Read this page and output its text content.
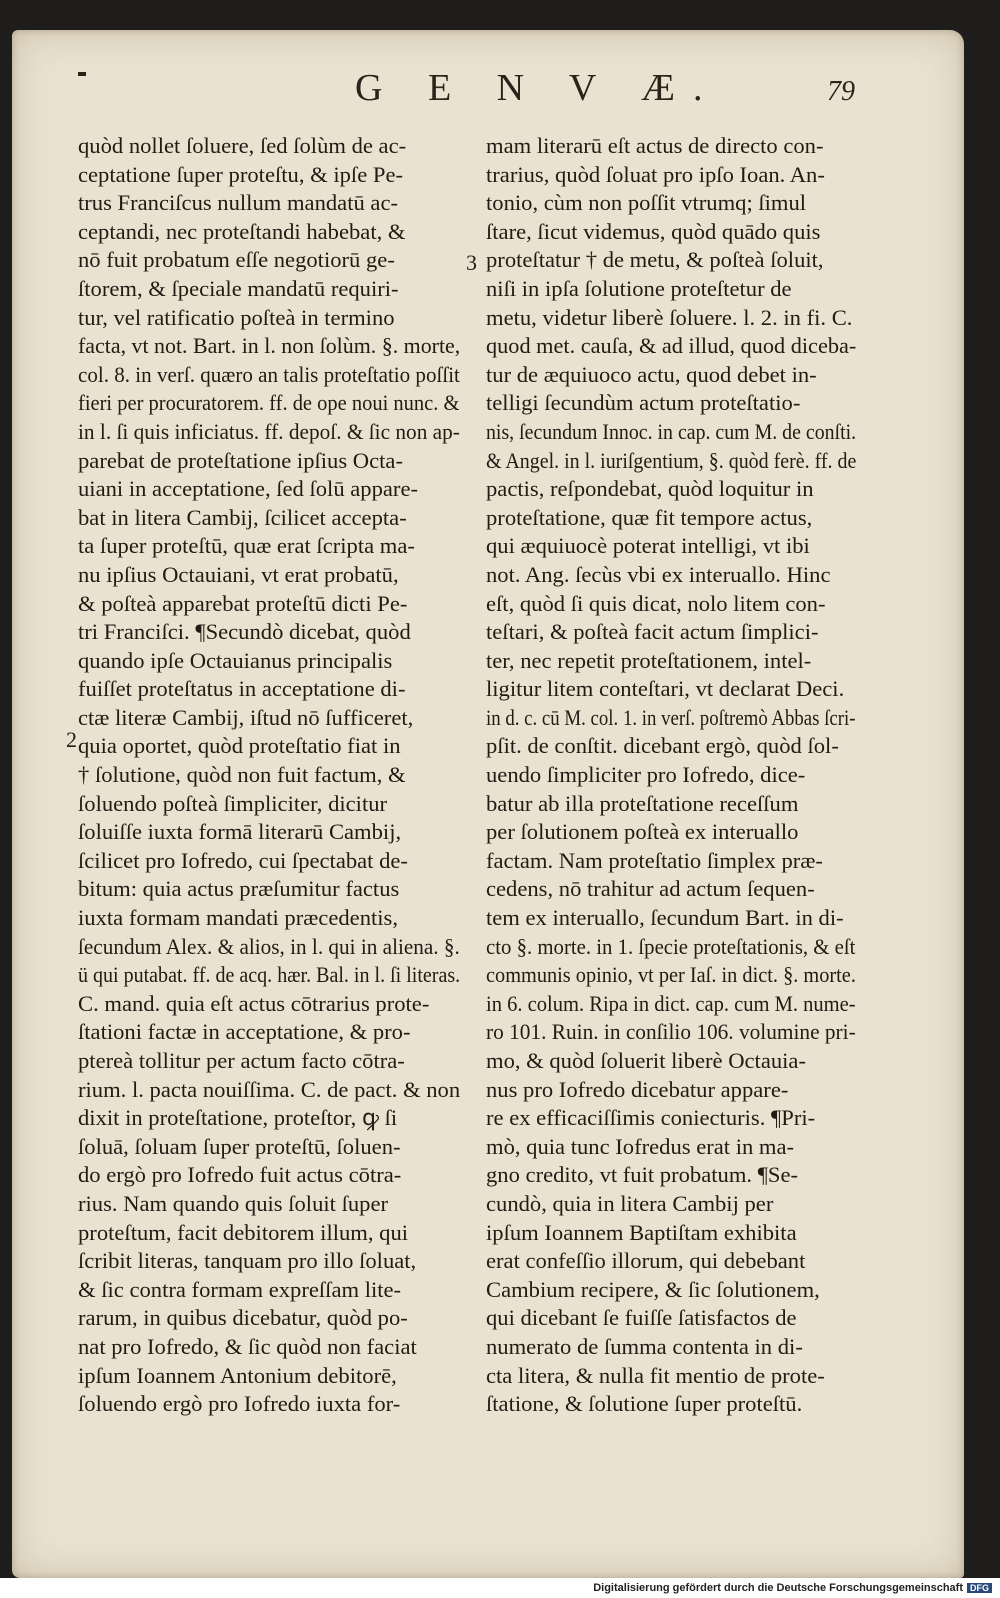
G E N V Æ.	79
2
3
quòd nollet ſoluere, ſed ſolùm de ac-
ceptatione ſuper proteſtu, & ipſe Pe-
trus Franciſcus nullum mandatū ac-
ceptandi, nec proteſtandi habebat, &
nō fuit probatum eſſe negotiorū ge-
ſtorem, & ſpeciale mandatū requiri-
tur, vel ratificatio poſteà in termino
facta, vt not. Bart. in l. non ſolùm. §. morte,
col. 8. in verſ. quæro an talis proteſtatio poſſit
fieri per procuratorem. ff. de ope noui nunc. &
in l. ſi quis inficiatus. ff. depoſ. & ſic non ap-
parebat de proteſtatione ipſius Octa-
uiani in acceptatione, ſed ſolū appare-
bat in litera Cambij, ſcilicet accepta-
ta ſuper proteſtū, quæ erat ſcripta ma-
nu ipſius Octauiani, vt erat probatū,
& poſteà apparebat proteſtū dicti Pe-
tri Franciſci. ¶Secundò dicebat, quòd
quando ipſe Octauianus principalis
fuiſſet proteſtatus in acceptatione di-
ctæ literæ Cambij, iſtud nō ſufficeret,
quia oportet, quòd proteſtatio fiat in
† ſolutione, quòd non fuit factum, &
ſoluendo poſteà ſimpliciter, dicitur
ſoluiſſe iuxta formā literarū Cambij,
ſcilicet pro Iofredo, cui ſpectabat de-
bitum: quia actus præſumitur factus
iuxta formam mandati præcedentis,
ſecundum Alex. & alios, in l. qui in aliena. §.
ü qui putabat. ff. de acq. hær. Bal. in l. ſi literas.
C. mand. quia eſt actus cōtrarius prote-
ſtationi factæ in acceptatione, & pro-
ptereà tollitur per actum facto cōtra-
rium. l. pacta nouiſſima. C. de pact. & non
dixit in proteſtatione, proteſtor, ꝙ ſi
ſoluā, ſoluam ſuper proteſtū, ſoluen-
do ergò pro Iofredo fuit actus cōtra-
rius. Nam quando quis ſoluit ſuper
proteſtum, facit debitorem illum, qui
ſcribit literas, tanquam pro illo ſoluat,
& ſic contra formam expreſſam lite-
rarum, in quibus dicebatur, quòd po-
nat pro Iofredo, & ſic quòd non faciat
ipſum Ioannem Antonium debitorē,
ſoluendo ergò pro Iofredo iuxta for-
mam literarū eſt actus de directo con-
trarius, quòd ſoluat pro ipſo Ioan. An-
tonio, cùm non poſſit vtrumq; ſimul
ſtare, ſicut videmus, quòd quādo quis
proteſtatur † de metu, & poſteà ſoluit,
niſi in ipſa ſolutione proteſtetur de
metu, videtur liberè ſoluere. l. 2. in fi. C.
quod met. cauſa, & ad illud, quod diceba-
tur de æquiuoco actu, quod debet in-
telligi ſecundùm actum proteſtatio-
nis, ſecundum Innoc. in cap. cum M. de conſti.
& Angel. in l. iuriſgentium, §. quòd ferè. ff. de
pactis, reſpondebat, quòd loquitur in
proteſtatione, quæ fit tempore actus,
qui æquiuocè poterat intelligi, vt ibi
not. Ang. ſecùs vbi ex interuallo. Hinc
eſt, quòd ſi quis dicat, nolo litem con-
teſtari, & poſteà facit actum ſimplici-
ter, nec repetit proteſtationem, intel-
ligitur litem conteſtari, vt declarat Deci.
in d. c. cū M. col. 1. in verſ. poſtremò Abbas ſcri-
pſit. de conſtit. dicebant ergò, quòd ſol-
uendo ſimpliciter pro Iofredo, dice-
batur ab illa proteſtatione receſſum
per ſolutionem poſteà ex interuallo
factam. Nam proteſtatio ſimplex præ-
cedens, nō trahitur ad actum ſequen-
tem ex interuallo, ſecundum Bart. in di-
cto §. morte. in 1. ſpecie proteſtationis, & eſt
communis opinio, vt per Iaſ. in dict. §. morte.
in 6. colum. Ripa in dict. cap. cum M. nume-
ro 101. Ruin. in conſilio 106. volumine pri-
mo, & quòd ſoluerit liberè Octauia-
nus pro Iofredo dicebatur appare-
re ex efficaciſſimis coniecturis. ¶Pri-
mò, quia tunc Iofredus erat in ma-
gno credito, vt fuit probatum. ¶Se-
cundò, quia in litera Cambij per
ipſum Ioannem Baptiſtam exhibita
erat confeſſio illorum, qui debebant
Cambium recipere, & ſic ſolutionem,
qui dicebant ſe fuiſſe ſatisfactos de
numerato de ſumma contenta in di-
cta litera, & nulla fit mentio de prote-
ſtatione, & ſolutione ſuper proteſtū.
Digitalisierung gefördert durch die Deutsche Forschungsgemeinschaft DFG
